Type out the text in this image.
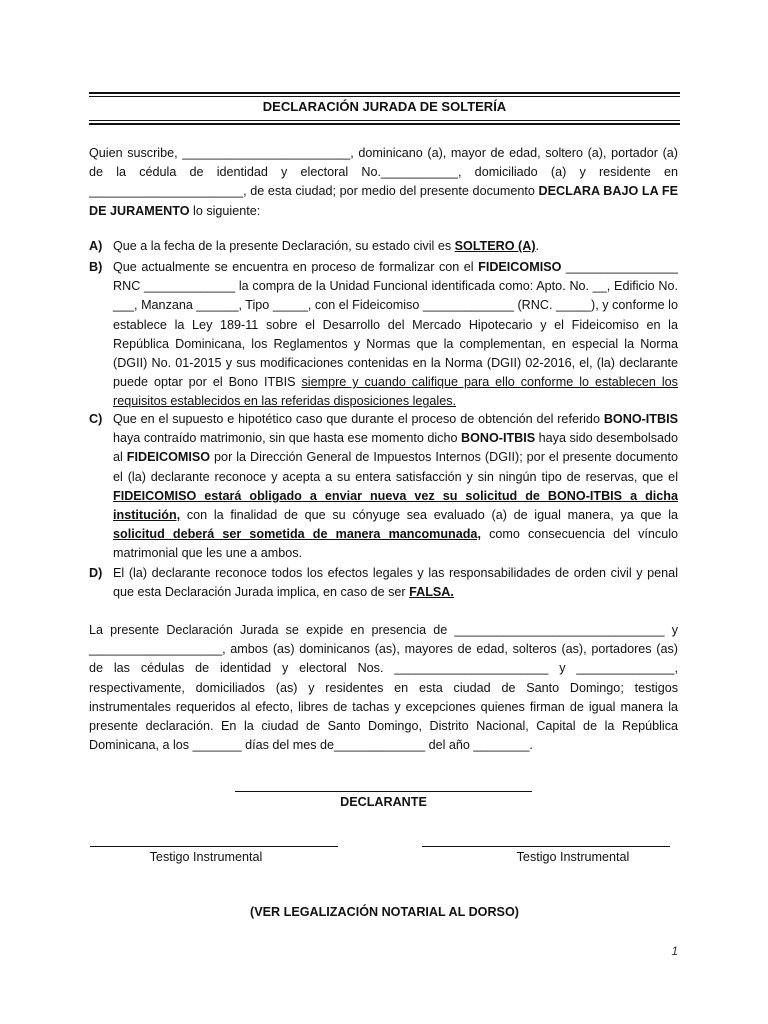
DECLARACIÓN JURADA DE SOLTERÍA
Quien suscribe, ________________________, dominicano (a), mayor de edad, soltero (a), portador (a) de la cédula de identidad y electoral No.___________, domiciliado (a) y residente en ______________________, de esta ciudad; por medio del presente documento DECLARA BAJO LA FE DE JURAMENTO lo siguiente:
A) Que a la fecha de la presente Declaración, su estado civil es SOLTERO (A).
B) Que actualmente se encuentra en proceso de formalizar con el FIDEICOMISO ________________ RNC _____________ la compra de la Unidad Funcional identificada como: Apto. No. __, Edificio No. ___, Manzana ______, Tipo _____, con el Fideicomiso _____________ (RNC. _____), y conforme lo establece la Ley 189-11 sobre el Desarrollo del Mercado Hipotecario y el Fideicomiso en la República Dominicana, los Reglamentos y Normas que la complementan, en especial la Norma (DGII) No. 01-2015 y sus modificaciones contenidas en la Norma (DGII) 02-2016, el, (la) declarante puede optar por el Bono ITBIS siempre y cuando califique para ello conforme lo establecen los requisitos establecidos en las referidas disposiciones legales.
C) Que en el supuesto e hipotético caso que durante el proceso de obtención del referido BONO-ITBIS haya contraído matrimonio, sin que hasta ese momento dicho BONO-ITBIS haya sido desembolsado al FIDEICOMISO por la Dirección General de Impuestos Internos (DGII); por el presente documento el (la) declarante reconoce y acepta a su entera satisfacción y sin ningún tipo de reservas, que el FIDEICOMISO estará obligado a enviar nueva vez su solicitud de BONO-ITBIS a dicha institución, con la finalidad de que su cónyuge sea evaluado (a) de igual manera, ya que la solicitud deberá ser sometida de manera mancomunada, como consecuencia del vínculo matrimonial que les une a ambos.
D) El (la) declarante reconoce todos los efectos legales y las responsabilidades de orden civil y penal que esta Declaración Jurada implica, en caso de ser FALSA.
La presente Declaración Jurada se expide en presencia de ______________________________ y ___________________, ambos (as) dominicanos (as), mayores de edad, solteros (as), portadores (as) de las cédulas de identidad y electoral Nos. ______________________ y ______________, respectivamente, domiciliados (as) y residentes en esta ciudad de Santo Domingo; testigos instrumentales requeridos al efecto, libres de tachas y excepciones quienes firman de igual manera la presente declaración. En la ciudad de Santo Domingo, Distrito Nacional, Capital de la República Dominicana, a los _______ días del mes de_____________ del año ________.
DECLARANTE
Testigo Instrumental	Testigo Instrumental
(VER LEGALIZACIÓN NOTARIAL AL DORSO)
1
